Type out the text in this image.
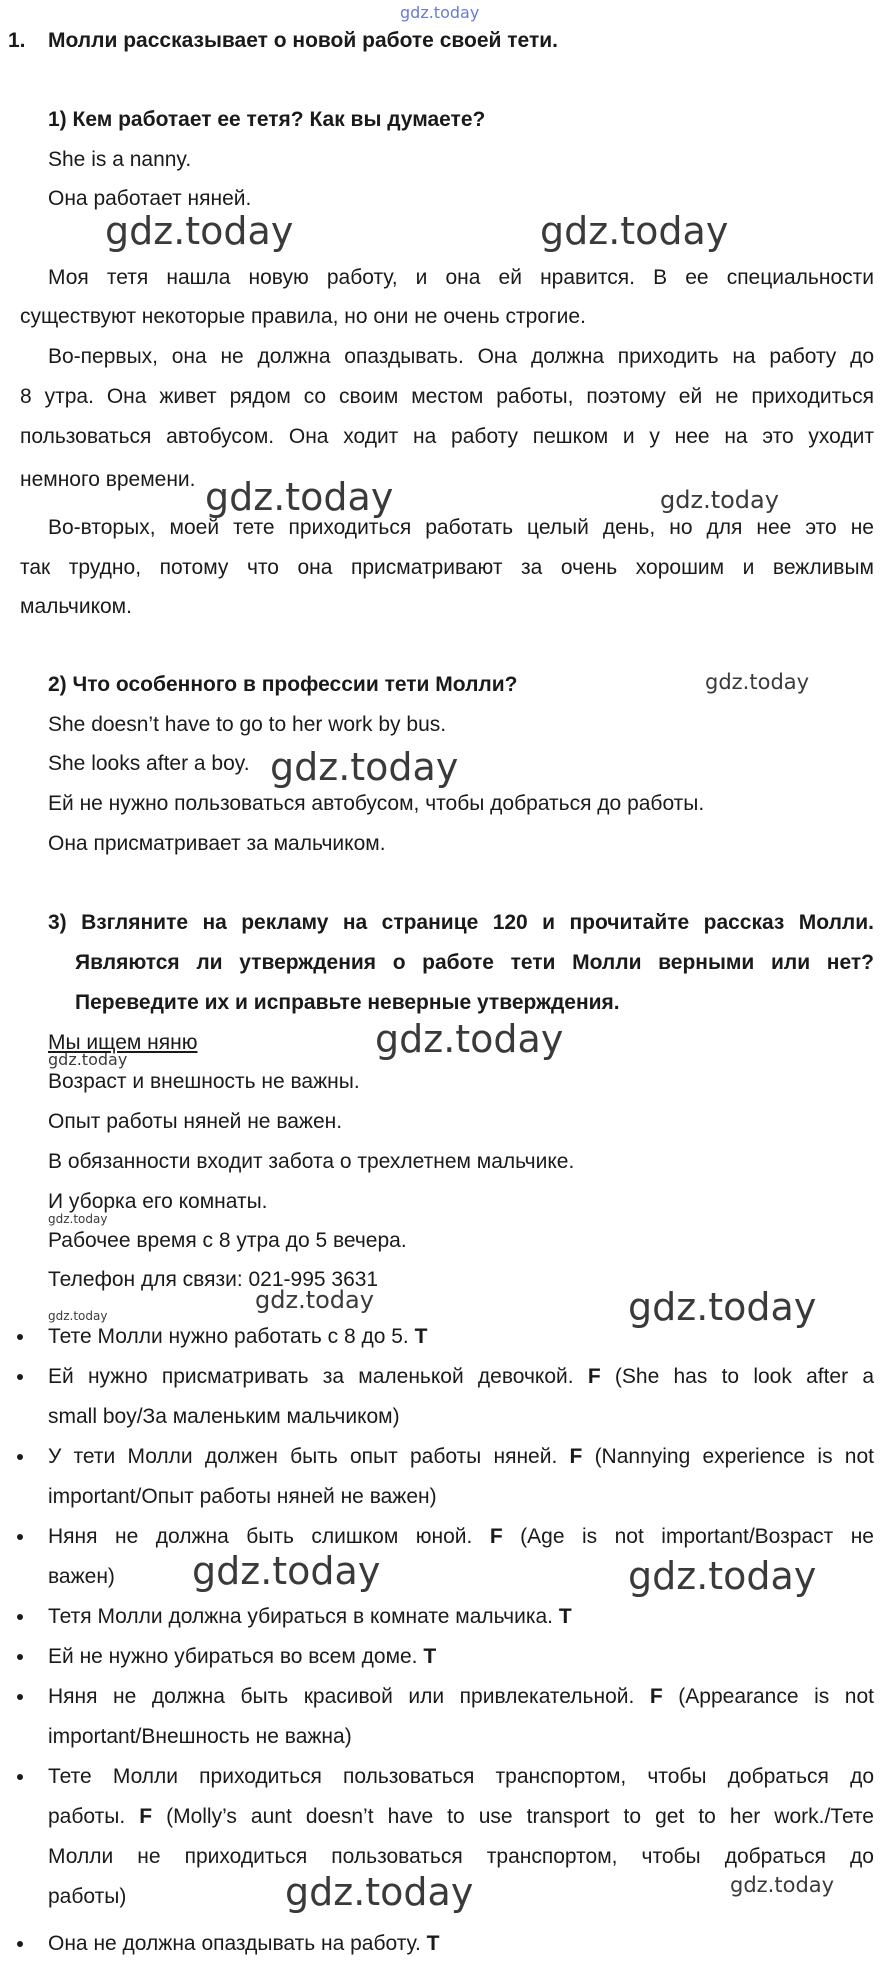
gdz.today
gdz.today	gdz.today
gdz.today	gdz.today
gdz.today
gdz.today
gdz.today
gdz.today
gdz.today
gdz.today
gdz.today	gdz.today
gdz.today	gdz.today
gdz.today	gdz.today
1. Молли рассказывает о новой работе своей тети.
1) Кем работает ее тетя? Как вы думаете?
She is a nanny.
Она работает няней.
Моя тетя нашла новую работу, и она ей нравится. В ее специальности
существуют некоторые правила, но они не очень строгие.
Во-первых, она не должна опаздывать. Она должна приходить на работу до
8 утра. Она живет рядом со своим местом работы, поэтому ей не приходиться
пользоваться автобусом. Она ходит на работу пешком и у нее на это уходит
немного времени.
Во-вторых, моей тете приходиться работать целый день, но для нее это не
так трудно, потому что она присматривают за очень хорошим и вежливым
мальчиком.
2) Что особенного в профессии тети Молли?
She doesn’t have to go to her work by bus.
She looks after a boy.
Ей не нужно пользоваться автобусом, чтобы добраться до работы.
Она присматривает за мальчиком.
3) Взгляните на рекламу на странице 120 и прочитайте рассказ Молли.
Являются ли утверждения о работе тети Молли верными или нет?
Переведите их и исправьте неверные утверждения.
Мы ищем няню
Возраст и внешность не важны.
Опыт работы няней не важен.
В обязанности входит забота о трехлетнем мальчике.
И уборка его комнаты.
Рабочее время с 8 утра до 5 вечера.
Телефон для связи: 021-995 3631
Тете Молли нужно работать с 8 до 5. T
Ей нужно присматривать за маленькой девочкой. F (She has to look after a
small boy/За маленьким мальчиком)
У тети Молли должен быть опыт работы няней. F (Nannying experience is not
important/Опыт работы няней не важен)
Няня не должна быть слишком юной. F (Age is not important/Возраст не
важен)
Тетя Молли должна убираться в комнате мальчика. T
Ей не нужно убираться во всем доме. T
Няня не должна быть красивой или привлекательной. F (Appearance is not
important/Внешность не важна)
Тете Молли приходиться пользоваться транспортом, чтобы добраться до
работы. F (Molly’s aunt doesn’t have to use transport to get to her work./Тете
Молли не приходиться пользоваться транспортом, чтобы добраться до
работы)
Она не должна опаздывать на работу. T
